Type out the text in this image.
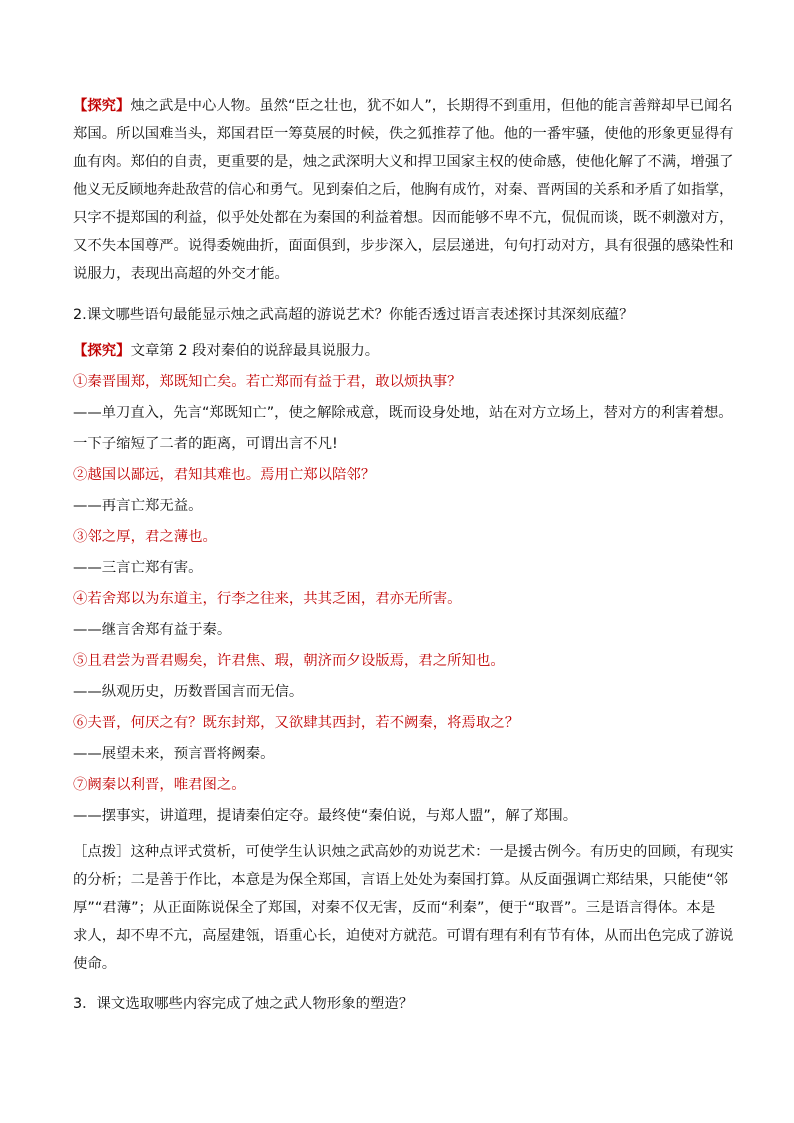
【探究】烛之武是中心人物。虽然“臣之壮也，犹不如人”，长期得不到重用，但他的能言善辩却早已闻名
郑国。所以国难当头，郑国君臣一筹莫展的时候，佚之狐推荐了他。他的一番牢骚，使他的形象更显得有
血有肉。郑伯的自责，更重要的是，烛之武深明大义和捍卫国家主权的使命感，使他化解了不满，增强了
他义无反顾地奔赴敌营的信心和勇气。见到秦伯之后，他胸有成竹，对秦、晋两国的关系和矛盾了如指掌，
只字不提郑国的利益，似乎处处都在为秦国的利益着想。因而能够不卑不亢，侃侃而谈，既不刺激对方，
又不失本国尊严。说得委婉曲折，面面俱到，步步深入，层层递进，句句打动对方，具有很强的感染性和
说服力，表现出高超的外交才能。
2.课文哪些语句最能显示烛之武高超的游说艺术？你能否透过语言表述探讨其深刻底蕴？
【探究】文章第 2 段对秦伯的说辞最具说服力。
①秦晋围郑，郑既知亡矣。若亡郑而有益于君，敢以烦执事？
——单刀直入，先言“郑既知亡”，使之解除戒意，既而设身处地，站在对方立场上，替对方的利害着想。
一下子缩短了二者的距离，可谓出言不凡!
②越国以鄙远，君知其难也。焉用亡郑以陪邻？
——再言亡郑无益。
③邻之厚，君之薄也。
——三言亡郑有害。
④若舍郑以为东道主，行李之往来，共其乏困，君亦无所害。
——继言舍郑有益于秦。
⑤且君尝为晋君赐矣，许君焦、瑕，朝济而夕设版焉，君之所知也。
——纵观历史，历数晋国言而无信。
⑥夫晋，何厌之有？既东封郑，又欲肆其西封，若不阙秦，将焉取之？
——展望未来，预言晋将阙秦。
⑦阙秦以利晋，唯君图之。
——摆事实，讲道理，提请秦伯定夺。最终使“秦伯说，与郑人盟”，解了郑围。
［点拨］这种点评式赏析，可使学生认识烛之武高妙的劝说艺术：一是援古例今。有历史的回顾，有现实
的分析；二是善于作比，本意是为保全郑国，言语上处处为秦国打算。从反面强调亡郑结果，只能使“邻
厚”“君薄”；从正面陈说保全了郑国，对秦不仅无害，反而“利秦”，便于“取晋”。三是语言得体。本是
求人，却不卑不亢，高屋建瓴，语重心长，迫使对方就范。可谓有理有利有节有体，从而出色完成了游说
使命。
3．课文选取哪些内容完成了烛之武人物形象的塑造？
